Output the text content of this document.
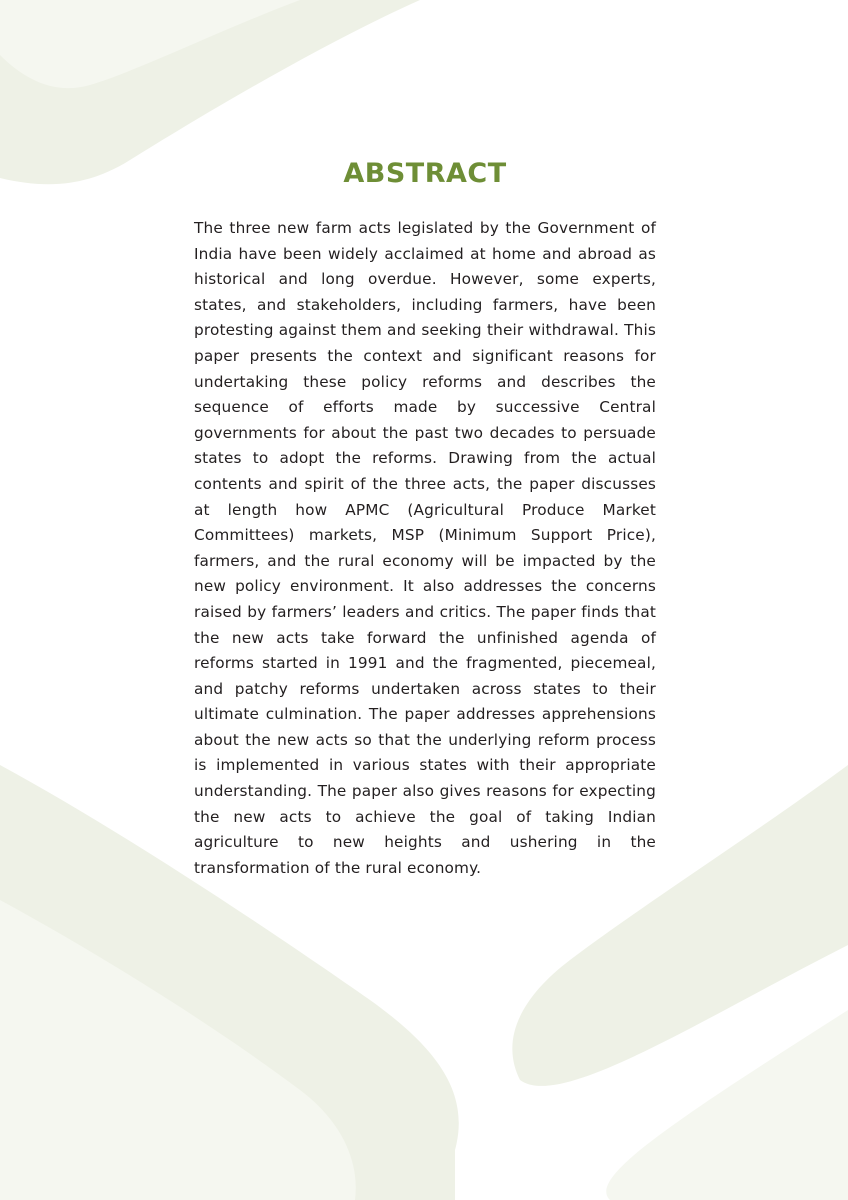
ABSTRACT

The three new farm acts legislated by the Government of India have been widely acclaimed at home and abroad as historical and long overdue. However, some experts, states, and stakeholders, including farmers, have been protesting against them and seeking their withdrawal. This paper presents the context and significant reasons for undertaking these policy reforms and describes the sequence of efforts made by successive Central governments for about the past two decades to persuade states to adopt the reforms. Drawing from the actual contents and spirit of the three acts, the paper discusses at length how APMC (Agricultural Produce Market Committees) markets, MSP (Minimum Support Price), farmers, and the rural economy will be impacted by the new policy environment. It also addresses the concerns raised by farmers’ leaders and critics. The paper finds that the new acts take forward the unfinished agenda of reforms started in 1991 and the fragmented, piecemeal, and patchy reforms undertaken across states to their ultimate culmination. The paper addresses apprehensions about the new acts so that the underlying reform process is implemented in various states with their appropriate understanding. The paper also gives reasons for expecting the new acts to achieve the goal of taking Indian agriculture to new heights and ushering in the transformation of the rural economy.
